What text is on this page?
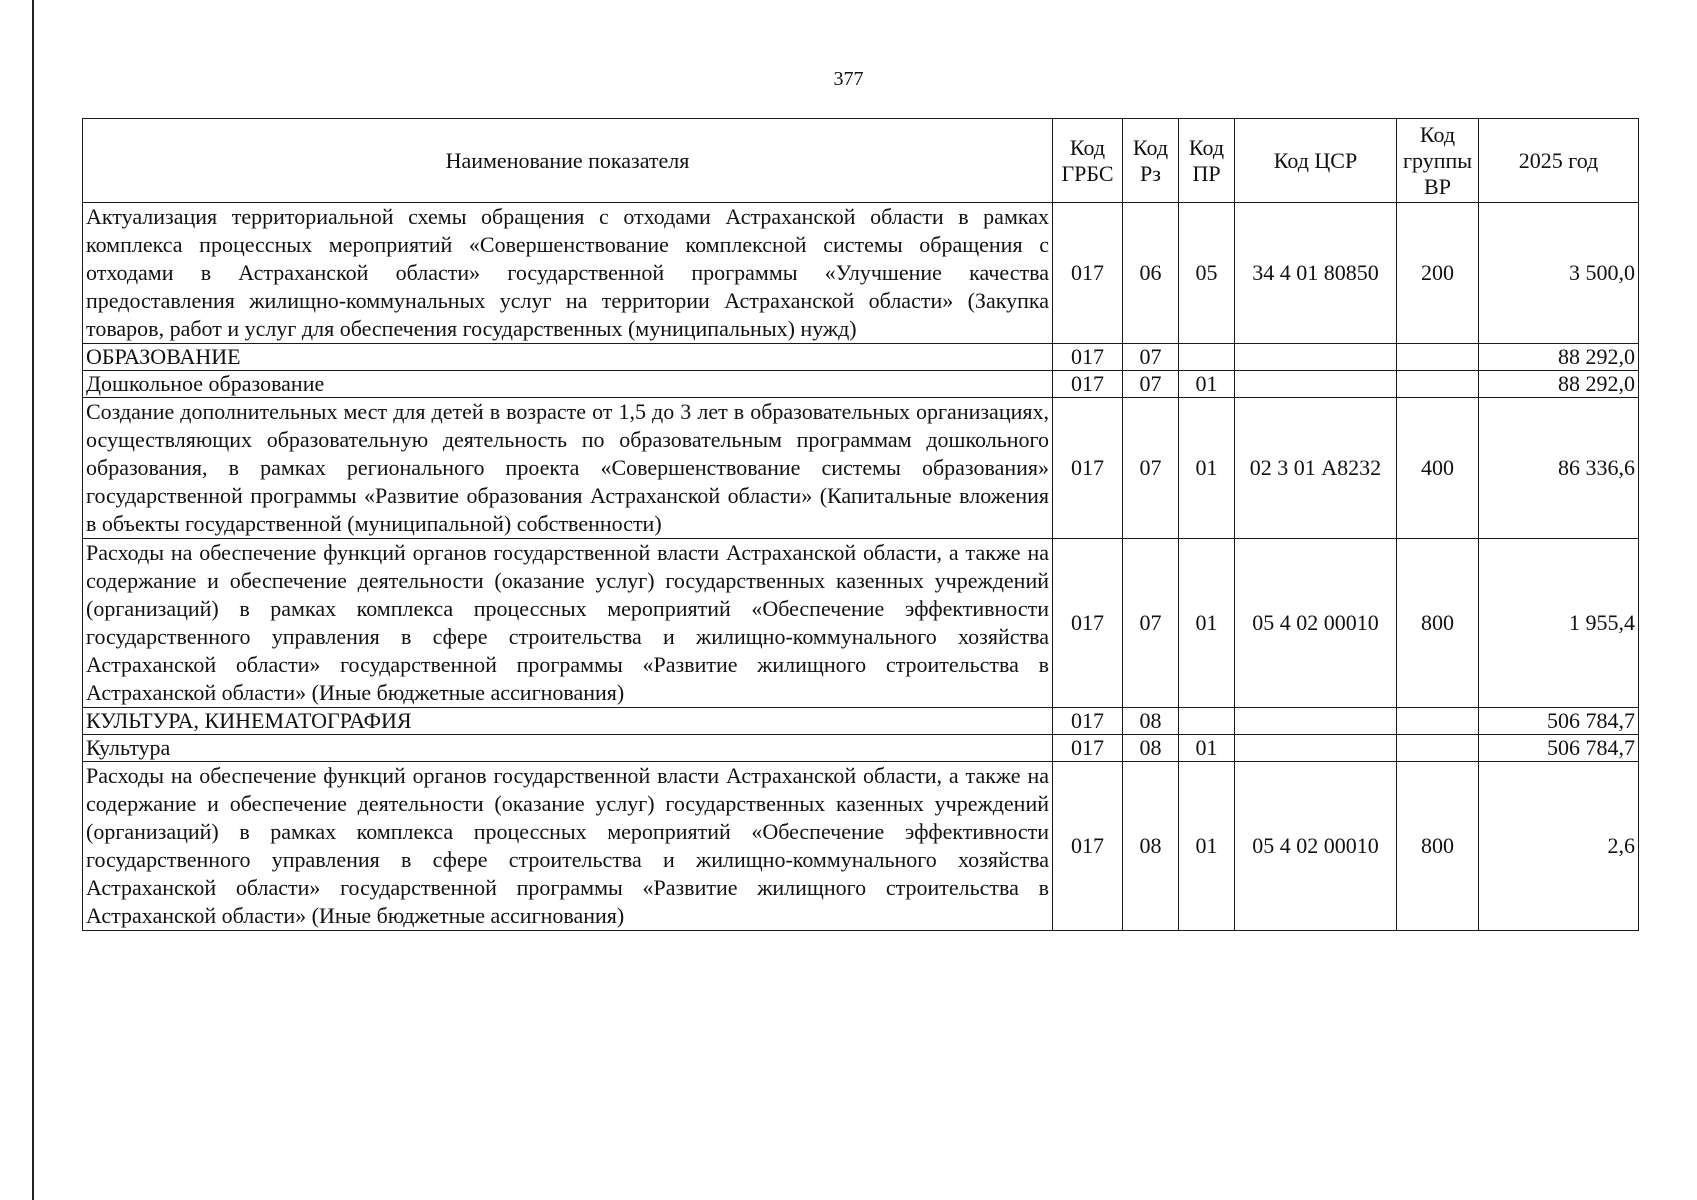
377
Наименование показателя	Код ГРБС	Код Рз	Код ПР	Код ЦСР	Код группы ВР	2025 год
Актуализация территориальной схемы обращения с отходами Астраханской области в рамках комплекса процессных мероприятий «Совершенствование комплексной системы обращения с отходами в Астраханской области» государственной программы «Улучшение качества предоставления жилищно-коммунальных услуг на территории Астраханской области» (Закупка товаров, работ и услуг для обеспечения государственных (муниципальных) нужд)	017	06	05	34 4 01 80850	200	3 500,0
ОБРАЗОВАНИЕ	017	07				88 292,0
Дошкольное образование	017	07	01			88 292,0
Создание дополнительных мест для детей в возрасте от 1,5 до 3 лет в образовательных организациях, осуществляющих образовательную деятельность по образовательным программам дошкольного образования, в рамках регионального проекта «Совершенствование системы образования» государственной программы «Развитие образования Астраханской области» (Капитальные вложения в объекты государственной (муниципальной) собственности)	017	07	01	02 3 01 А8232	400	86 336,6
Расходы на обеспечение функций органов государственной власти Астраханской области, а также на содержание и обеспечение деятельности (оказание услуг) государственных казенных учреждений (организаций) в рамках комплекса процессных мероприятий «Обеспечение эффективности государственного управления в сфере строительства и жилищно-коммунального хозяйства Астраханской области» государственной программы «Развитие жилищного строительства в Астраханской области» (Иные бюджетные ассигнования)	017	07	01	05 4 02 00010	800	1 955,4
КУЛЬТУРА, КИНЕМАТОГРАФИЯ	017	08				506 784,7
Культура	017	08	01			506 784,7
Расходы на обеспечение функций органов государственной власти Астраханской области, а также на содержание и обеспечение деятельности (оказание услуг) государственных казенных учреждений (организаций) в рамках комплекса процессных мероприятий «Обеспечение эффективности государственного управления в сфере строительства и жилищно-коммунального хозяйства Астраханской области» государственной программы «Развитие жилищного строительства в Астраханской области» (Иные бюджетные ассигнования)	017	08	01	05 4 02 00010	800	2,6
